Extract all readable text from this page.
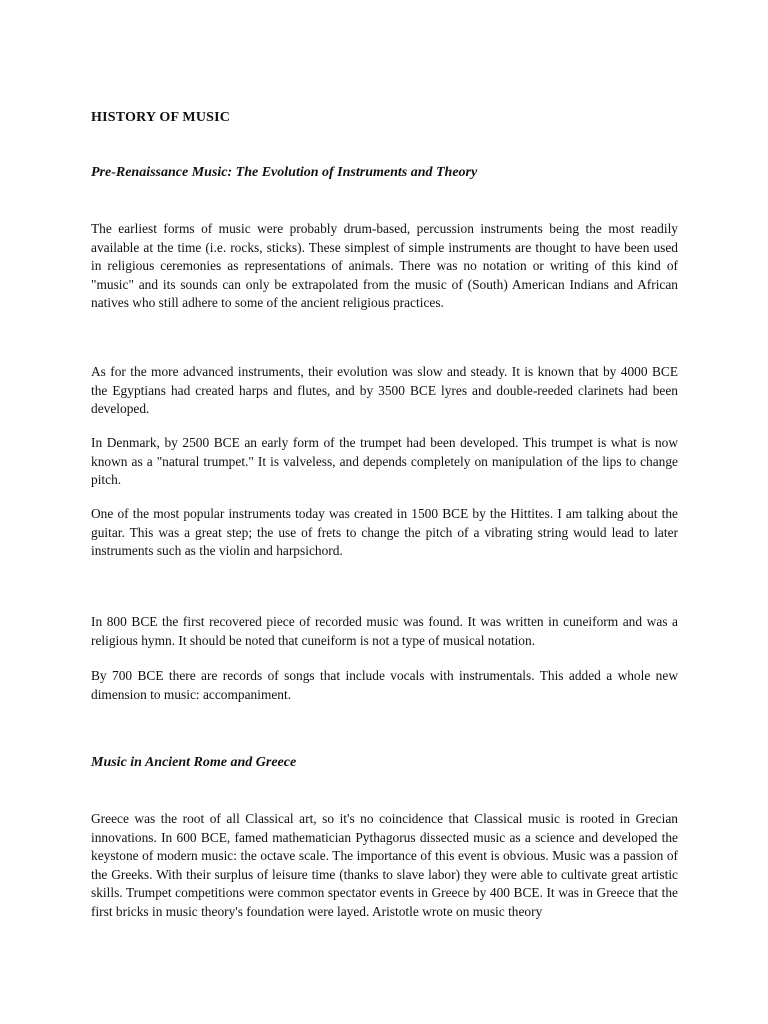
HISTORY OF MUSIC
Pre-Renaissance Music: The Evolution of Instruments and Theory

The earliest forms of music were probably drum-based, percussion instruments being the most readily available at the time (i.e. rocks, sticks). These simplest of simple instruments are thought to have been used in religious ceremonies as representations of animals. There was no notation or writing of this kind of "music" and its sounds can only be extrapolated from the music of (South) American Indians and African natives who still adhere to some of the ancient religious practices.

As for the more advanced instruments, their evolution was slow and steady. It is known that by 4000 BCE the Egyptians had created harps and flutes, and by 3500 BCE lyres and double-reeded clarinets had been developed.

In Denmark, by 2500 BCE an early form of the trumpet had been developed. This trumpet is what is now known as a "natural trumpet." It is valveless, and depends completely on manipulation of the lips to change pitch.

One of the most popular instruments today was created in 1500 BCE by the Hittites. I am talking about the guitar. This was a great step; the use of frets to change the pitch of a vibrating string would lead to later instruments such as the violin and harpsichord.

In 800 BCE the first recovered piece of recorded music was found. It was written in cuneiform and was a religious hymn. It should be noted that cuneiform is not a type of musical notation.

By 700 BCE there are records of songs that include vocals with instrumentals. This added a whole new dimension to music: accompaniment.

Music in Ancient Rome and Greece

Greece was the root of all Classical art, so it's no coincidence that Classical music is rooted in Grecian innovations. In 600 BCE, famed mathematician Pythagorus dissected music as a science and developed the keystone of modern music: the octave scale. The importance of this event is obvious. Music was a passion of the Greeks. With their surplus of leisure time (thanks to slave labor) they were able to cultivate great artistic skills. Trumpet competitions were common spectator events in Greece by 400 BCE. It was in Greece that the first bricks in music theory's foundation were layed. Aristotle wrote on music theory
